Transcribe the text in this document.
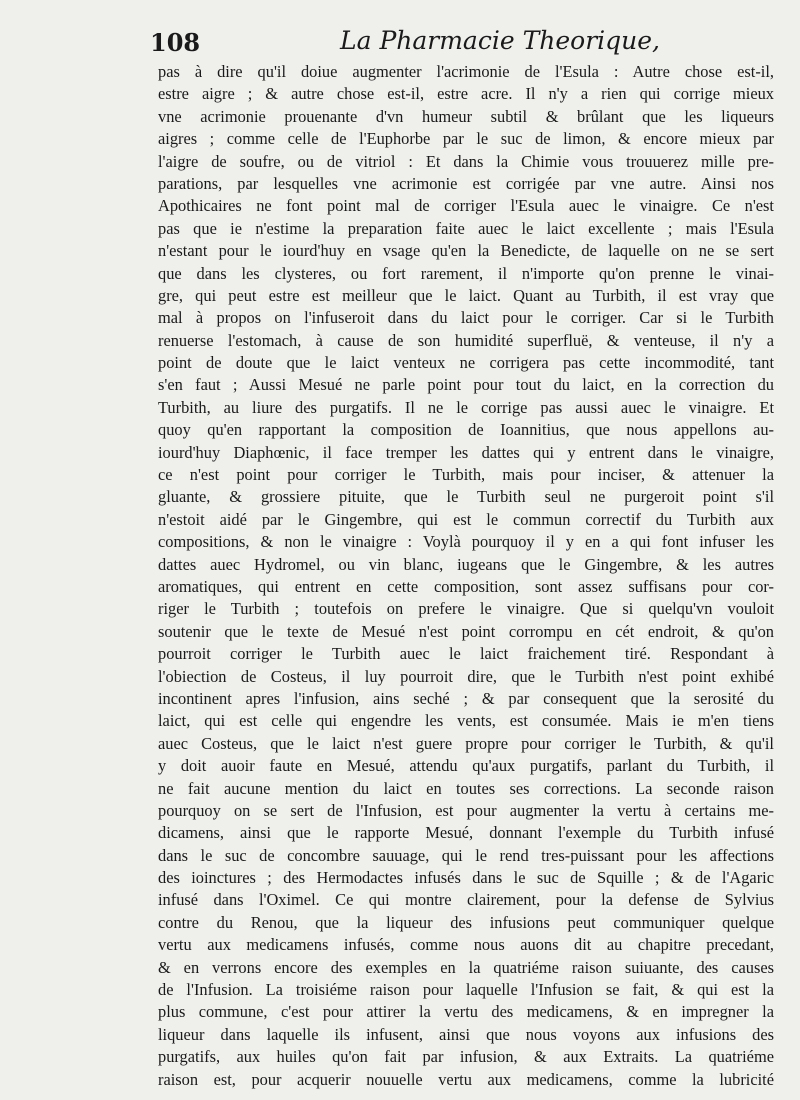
108	La Pharmacie Theorique,
pas à dire qu'il doiue augmenter l'acrimonie de l'Esula : Autre chose est-il,
estre aigre ; & autre chose est-il, estre acre. Il n'y a rien qui corrige mieux
vne acrimonie prouenante d'vn humeur subtil & brûlant que les liqueurs
aigres ; comme celle de l'Euphorbe par le suc de limon, & encore mieux par
l'aigre de soufre, ou de vitriol : Et dans la Chimie vous trouuerez mille pre-
parations, par lesquelles vne acrimonie est corrigée par vne autre. Ainsi nos
Apothicaires ne font point mal de corriger l'Esula auec le vinaigre. Ce n'est
pas que ie n'estime la preparation faite auec le laict excellente ; mais l'Esula
n'estant pour le iourd'huy en vsage qu'en la Benedicte, de laquelle on ne se sert
que dans les clysteres, ou fort rarement, il n'importe qu'on prenne le vinai-
gre, qui peut estre est meilleur que le laict. Quant au Turbith, il est vray que
mal à propos on l'infuseroit dans du laict pour le corriger. Car si le Turbith
renuerse l'estomach, à cause de son humidité superfluë, & venteuse, il n'y a
point de doute que le laict venteux ne corrigera pas cette incommodité, tant
s'en faut ; Aussi Mesué ne parle point pour tout du laict, en la correction du
Turbith, au liure des purgatifs. Il ne le corrige pas aussi auec le vinaigre. Et
quoy qu'en rapportant la composition de Ioannitius, que nous appellons au-
iourd'huy Diaphœnic, il face tremper les dattes qui y entrent dans le vinaigre,
ce n'est point pour corriger le Turbith, mais pour inciser, & attenuer la
gluante, & grossiere pituite, que le Turbith seul ne purgeroit point s'il
n'estoit aidé par le Gingembre, qui est le commun correctif du Turbith aux
compositions, & non le vinaigre : Voylà pourquoy il y en a qui font infuser les
dattes auec Hydromel, ou vin blanc, iugeans que le Gingembre, & les autres
aromatiques, qui entrent en cette composition, sont assez suffisans pour cor-
riger le Turbith ; toutefois on prefere le vinaigre. Que si quelqu'vn vouloit
soutenir que le texte de Mesué n'est point corrompu en cét endroit, & qu'on
pourroit corriger le Turbith auec le laict fraichement tiré. Respondant à
l'obiection de Costeus, il luy pourroit dire, que le Turbith n'est point exhibé
incontinent apres l'infusion, ains seché ; & par consequent que la serosité du
laict, qui est celle qui engendre les vents, est consumée. Mais ie m'en tiens
auec Costeus, que le laict n'est guere propre pour corriger le Turbith, & qu'il
y doit auoir faute en Mesué, attendu qu'aux purgatifs, parlant du Turbith, il
ne fait aucune mention du laict en toutes ses corrections. La seconde raison
pourquoy on se sert de l'Infusion, est pour augmenter la vertu à certains me-
dicamens, ainsi que le rapporte Mesué, donnant l'exemple du Turbith infusé
dans le suc de concombre sauuage, qui le rend tres-puissant pour les affections
des ioinctures ; des Hermodactes infusés dans le suc de Squille ; & de l'Agaric
infusé dans l'Oximel. Ce qui montre clairement, pour la defense de Sylvius
contre du Renou, que la liqueur des infusions peut communiquer quelque
vertu aux medicamens infusés, comme nous auons dit au chapitre precedant,
& en verrons encore des exemples en la quatriéme raison suiuante, des causes
de l'Infusion. La troisiéme raison pour laquelle l'Infusion se fait, & qui est la
plus commune, c'est pour attirer la vertu des medicamens, & en impregner la
liqueur dans laquelle ils infusent, ainsi que nous voyons aux infusions des
purgatifs, aux huiles qu'on fait par infusion, & aux Extraits. La quatriéme
raison est, pour acquerir nouuelle vertu aux medicamens, comme la lubricité
